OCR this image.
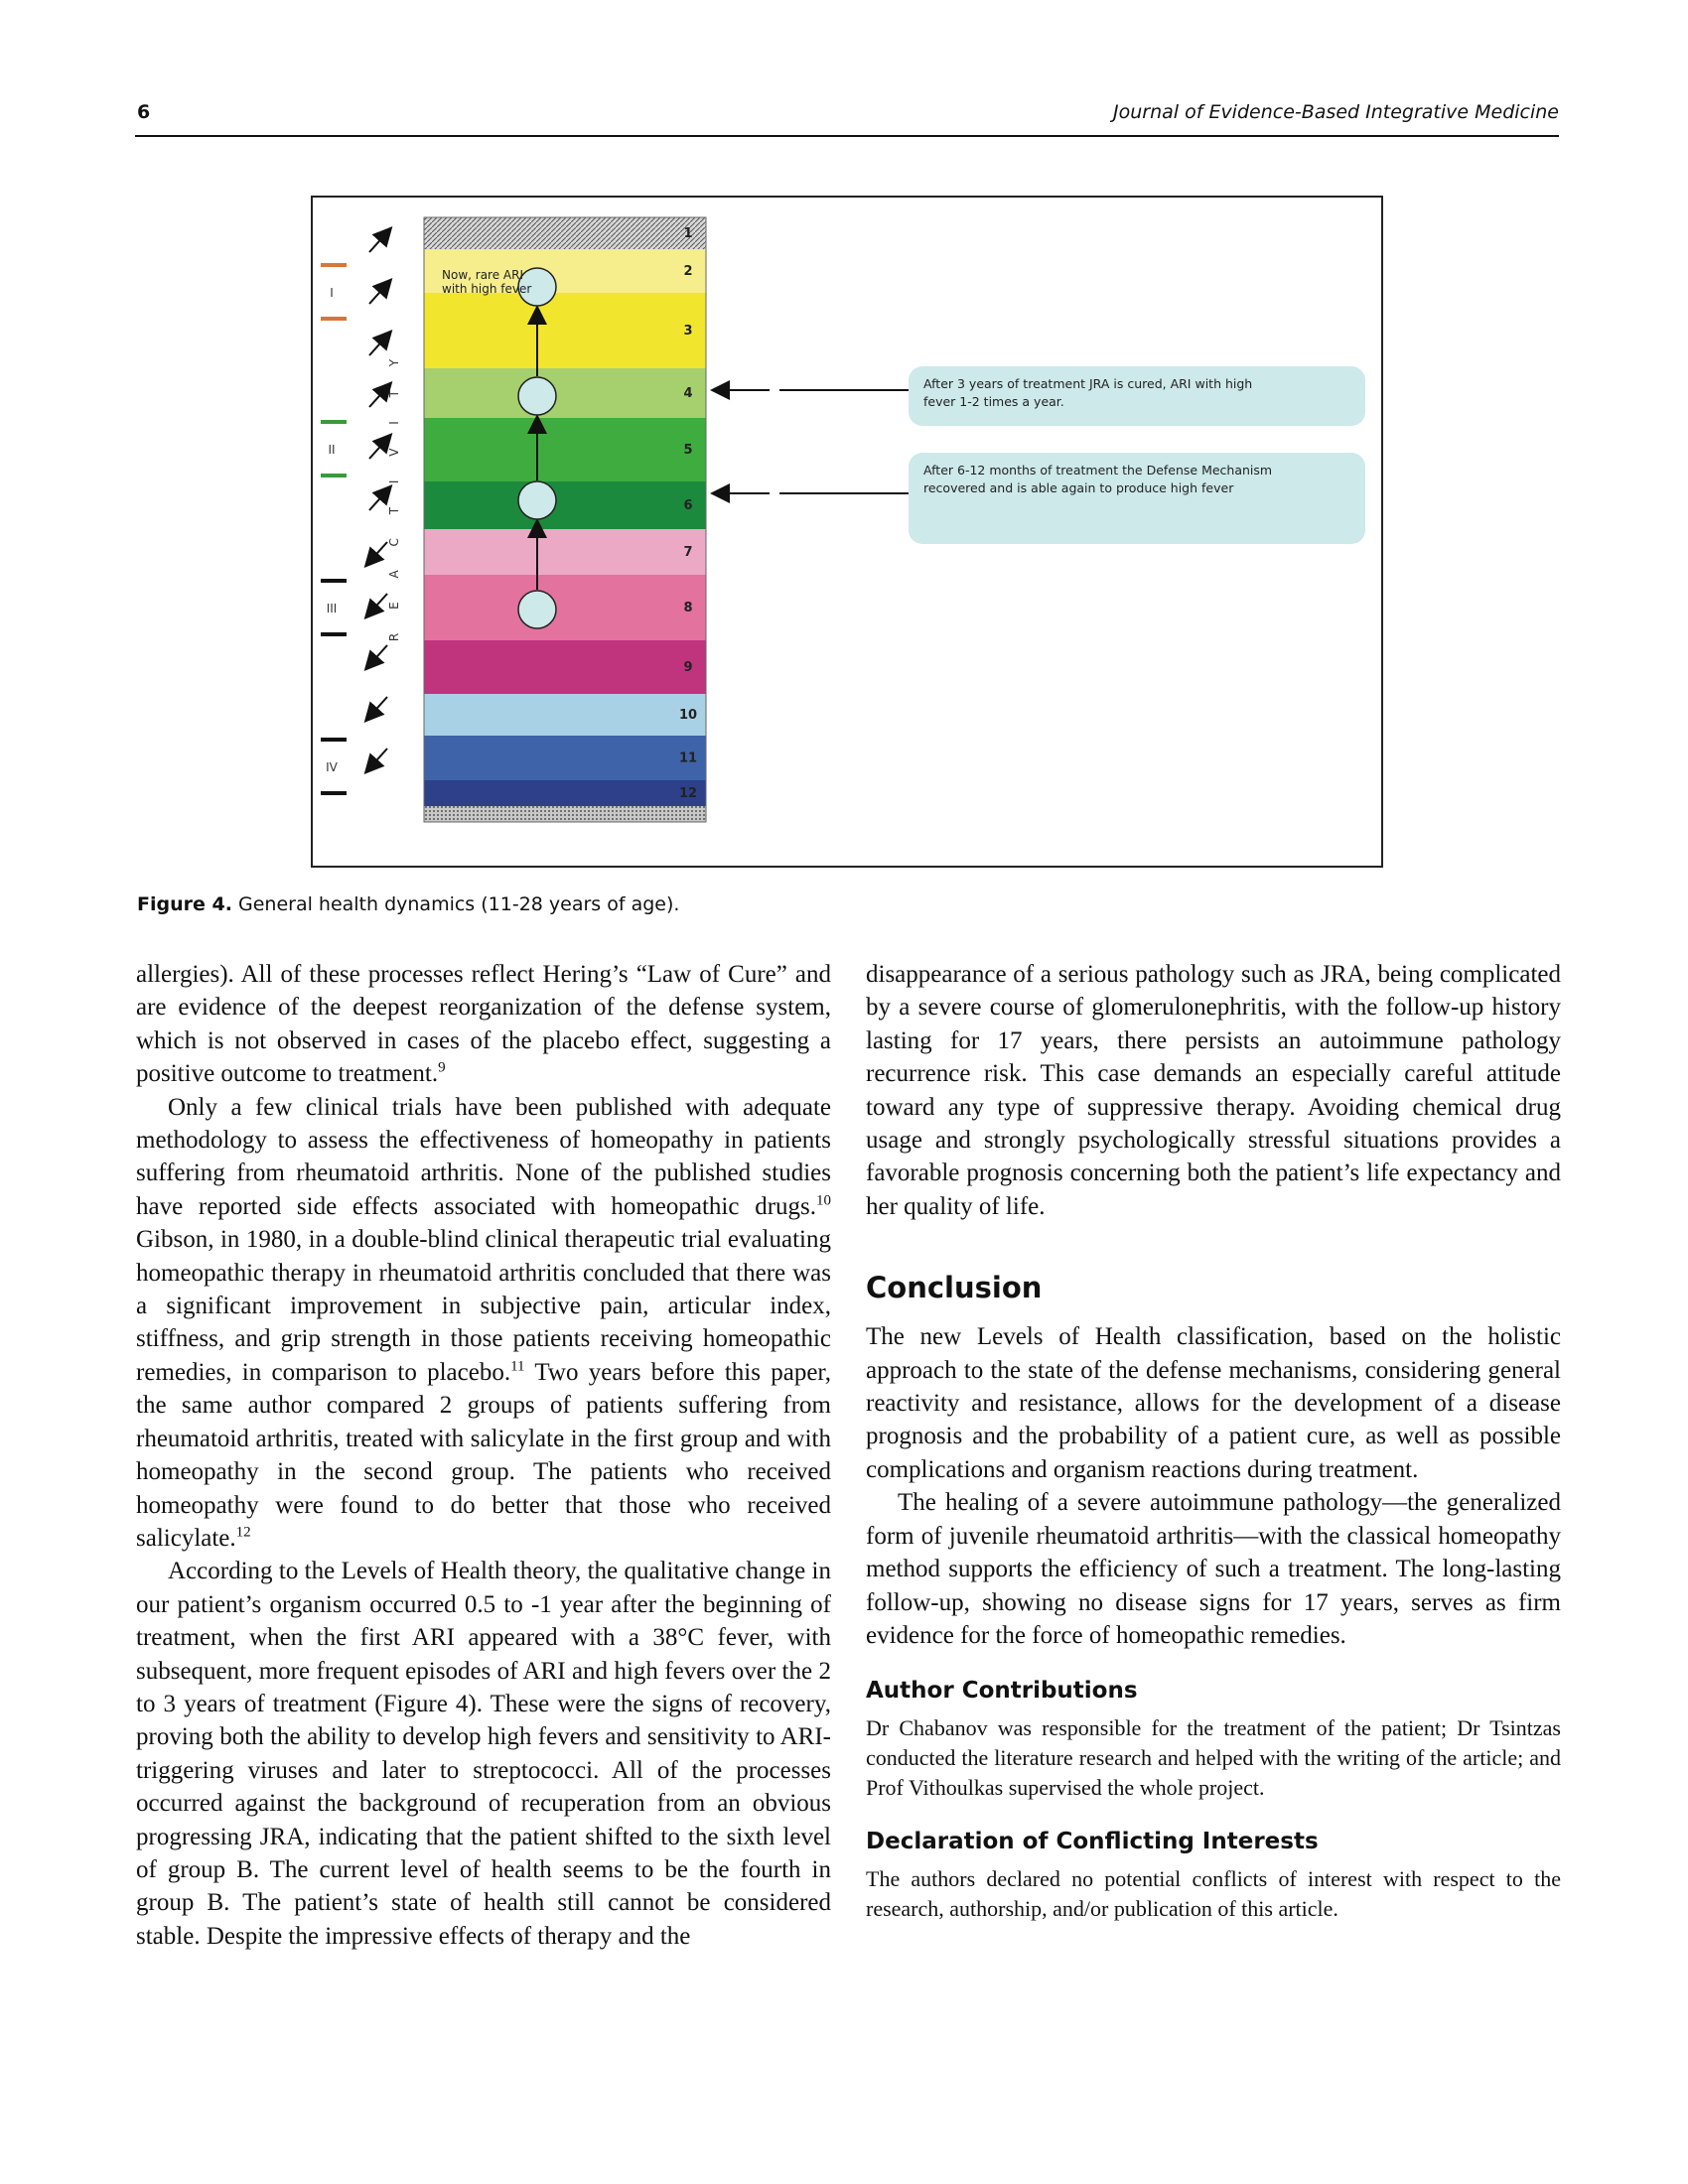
6	Journal of Evidence-Based Integrative Medicine
I
II
III
IV
R E A C T I V I T Y
1
2
3
4
5
6
7
8
9
10
11
12
Now, rare ARI with high fever
After 3 years of treatment JRA is cured, ARI with high fever 1-2 times a year.
After 6-12 months of treatment the Defense Mechanism recovered and is able again to produce high fever
Figure 4. General health dynamics (11-28 years of age).

allergies). All of these processes reflect Hering’s “Law of Cure” and are evidence of the deepest reorganization of the defense system, which is not observed in cases of the placebo effect, suggesting a positive outcome to treatment.$^9$

Only a few clinical trials have been published with adequate methodology to assess the effectiveness of homeopathy in patients suffering from rheumatoid arthritis. None of the published studies have reported side effects associated with homeopathic drugs.$^{10}$ Gibson, in 1980, in a double-blind clinical therapeutic trial evaluating homeopathic therapy in rheumatoid arthritis concluded that there was a significant improvement in subjective pain, articular index, stiffness, and grip strength in those patients receiving homeopathic remedies, in comparison to placebo.$^{11}$ Two years before this paper, the same author compared 2 groups of patients suffering from rheumatoid arthritis, treated with salicylate in the first group and with homeopathy in the second group. The patients who received homeopathy were found to do better that those who received salicylate.$^{12}$

According to the Levels of Health theory, the qualitative change in our patient’s organism occurred 0.5 to -1 year after the beginning of treatment, when the first ARI appeared with a 38°C fever, with subsequent, more frequent episodes of ARI and high fevers over the 2 to 3 years of treatment (Figure 4). These were the signs of recovery, proving both the ability to develop high fevers and sensitivity to ARI-triggering viruses and later to streptococci. All of the processes occurred against the background of recuperation from an obvious progressing JRA, indicating that the patient shifted to the sixth level of group B. The current level of health seems to be the fourth in group B. The patient’s state of health still cannot be considered stable. Despite the impressive effects of therapy and the

disappearance of a serious pathology such as JRA, being complicated by a severe course of glomerulonephritis, with the follow-up history lasting for 17 years, there persists an autoimmune pathology recurrence risk. This case demands an especially careful attitude toward any type of suppressive therapy. Avoiding chemical drug usage and strongly psychologically stressful situations provides a favorable prognosis concerning both the patient’s life expectancy and her quality of life.

Conclusion

The new Levels of Health classification, based on the holistic approach to the state of the defense mechanisms, considering general reactivity and resistance, allows for the development of a disease prognosis and the probability of a patient cure, as well as possible complications and organism reactions during treatment.

The healing of a severe autoimmune pathology—the generalized form of juvenile rheumatoid arthritis—with the classical homeopathy method supports the efficiency of such a treatment. The long-lasting follow-up, showing no disease signs for 17 years, serves as firm evidence for the force of homeopathic remedies.

Author Contributions

Dr Chabanov was responsible for the treatment of the patient; Dr Tsintzas conducted the literature research and helped with the writing of the article; and Prof Vithoulkas supervised the whole project.

Declaration of Conflicting Interests

The authors declared no potential conflicts of interest with respect to the research, authorship, and/or publication of this article.
